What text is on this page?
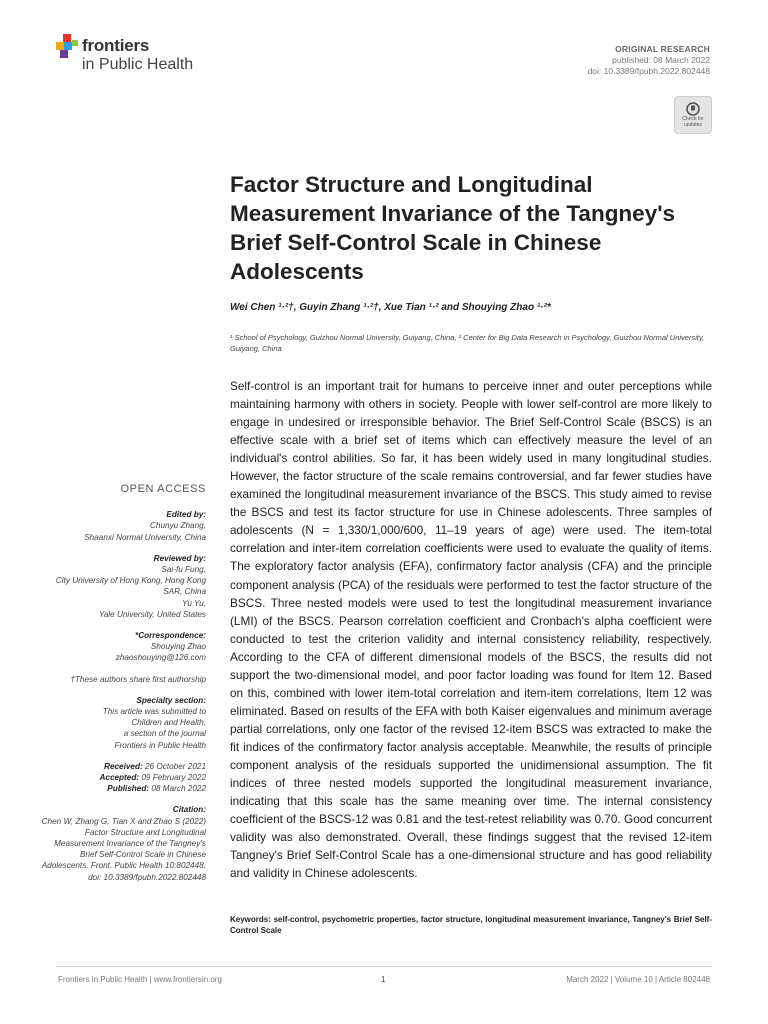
frontiers
in Public Health
ORIGINAL RESEARCH
published: 08 March 2022
doi: 10.3389/fpubh.2022.802448
Check for
updates
Factor Structure and Longitudinal Measurement Invariance of the Tangney's Brief Self-Control Scale in Chinese Adolescents
Wei Chen ¹·²†, Guyin Zhang ¹·²†, Xue Tian ¹·² and Shouying Zhao ¹·²*
¹ School of Psychology, Guizhou Normal University, Guiyang, China, ² Center for Big Data Research in Psychology, Guizhou Normal University, Guiyang, China
OPEN ACCESS
Edited by:
Chunyu Zhang,
Shaanxi Normal University, China
Reviewed by:
Sai-fu Fung,
City University of Hong Kong, Hong Kong SAR, China
Yu Yu,
Yale University, United States
*Correspondence:
Shouying Zhao
zhaoshouying@126.com
†These authors share first authorship
Specialty section:
This article was submitted to
Children and Health,
a section of the journal
Frontiers in Public Health
Received: 26 October 2021
Accepted: 09 February 2022
Published: 08 March 2022
Citation:
Chen W, Zhang G, Tian X and Zhao S (2022) Factor Structure and Longitudinal Measurement Invariance of the Tangney's Brief Self-Control Scale in Chinese Adolescents. Front. Public Health 10:802448. doi: 10.3389/fpubh.2022.802448

Self-control is an important trait for humans to perceive inner and outer perceptions while maintaining harmony with others in society. People with lower self-control are more likely to engage in undesired or irresponsible behavior. The Brief Self-Control Scale (BSCS) is an effective scale with a brief set of items which can effectively measure the level of an individual's control abilities. So far, it has been widely used in many longitudinal studies. However, the factor structure of the scale remains controversial, and far fewer studies have examined the longitudinal measurement invariance of the BSCS. This study aimed to revise the BSCS and test its factor structure for use in Chinese adolescents. Three samples of adolescents (N = 1,330/1,000/600, 11–19 years of age) were used. The item-total correlation and inter-item correlation coefficients were used to evaluate the quality of items. The exploratory factor analysis (EFA), confirmatory factor analysis (CFA) and the principle component analysis (PCA) of the residuals were performed to test the factor structure of the BSCS. Three nested models were used to test the longitudinal measurement invariance (LMI) of the BSCS. Pearson correlation coefficient and Cronbach's alpha coefficient were conducted to test the criterion validity and internal consistency reliability, respectively. According to the CFA of different dimensional models of the BSCS, the results did not support the two-dimensional model, and poor factor loading was found for Item 12. Based on this, combined with lower item-total correlation and item-item correlations, Item 12 was eliminated. Based on results of the EFA with both Kaiser eigenvalues and minimum average partial correlations, only one factor of the revised 12-item BSCS was extracted to make the fit indices of the confirmatory factor analysis acceptable. Meanwhile, the results of principle component analysis of the residuals supported the unidimensional assumption. The fit indices of three nested models supported the longitudinal measurement invariance, indicating that this scale has the same meaning over time. The internal consistency coefficient of the BSCS-12 was 0.81 and the test-retest reliability was 0.70. Good concurrent validity was also demonstrated. Overall, these findings suggest that the revised 12-item Tangney's Brief Self-Control Scale has a one-dimensional structure and has good reliability and validity in Chinese adolescents.

Keywords: self-control, psychometric properties, factor structure, longitudinal measurement invariance, Tangney's Brief Self-Control Scale
Frontiers in Public Health | www.frontiersin.org	1	March 2022 | Volume 10 | Article 802448
